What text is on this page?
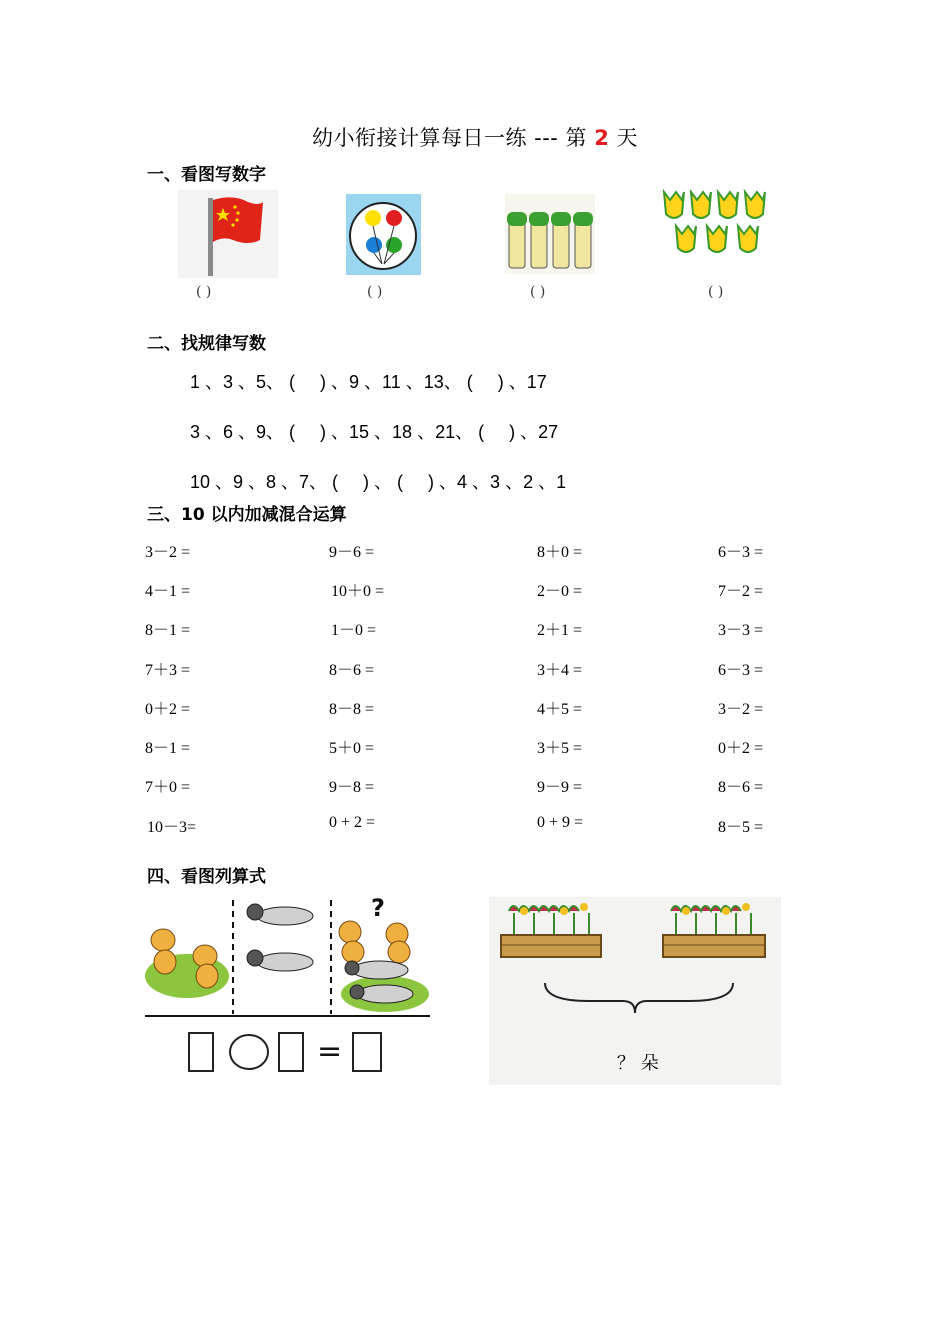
幼小衔接计算每日一练 --- 第 2 天
一、看图写数字
( )	( )	( )	( )
二、找规律写数
1 、3 、5、 (     ) 、9 、11 、13、 (     ) 、17
3 、6 、9、 (     ) 、15 、18 、21、 (     ) 、27
10 、9 、8 、7、 (     ) 、 (     ) 、4 、3 、2 、1
三、10 以内加减混合运算
3－2 =	9－6 =	8＋0 =	6－3 =
4－1 =	10＋0 =	2－0 =	7－2 =
8－1 =	1－0 =	2＋1 =	3－3 =
7＋3 =	8－6 =	3＋4 =	6－3 =
0＋2 =	8－8 =	4＋5 =	3－2 =
8－1 =	5＋0 =	3＋5 =	0＋2 =
7＋0 =	9－8 =	9－9 =	8－6 =
10－3=	0 + 2 =	0 + 9 =	8－5 =
四、看图列算式
?
=	？ 朵
